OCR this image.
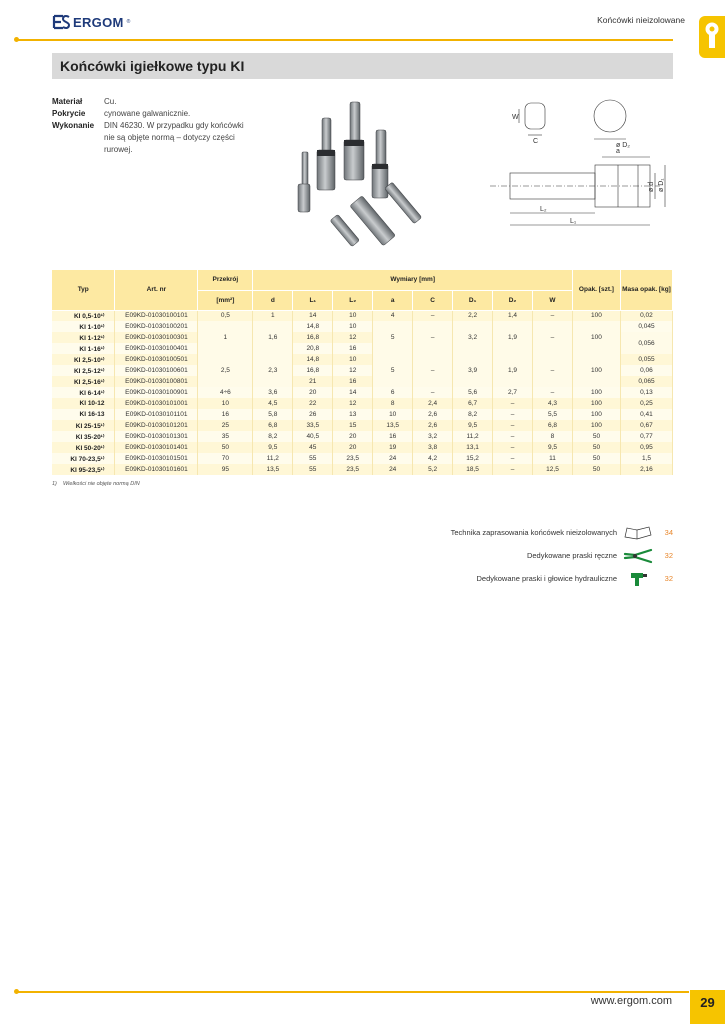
ERGOM ®	Końcówki nieizolowane
Końcówki igiełkowe typu KI
Materiał	Cu.
Pokrycie	cynowane galwanicznie.
Wykonanie	DIN 46230. W przypadku gdy końcówki nie są objęte normą – dotyczy części rurowej.
W
C
ø D₂
a
ø d ø D₁
L₂
L₁
Typ	Art. nr	Przekrój	Wymiary [mm]								Opak. [szt.]	Masa opak. [kg]
		[mm²]	d	L₁	L₂	a	C	D₁	D₂	W		
KI 0,5-10¹⁾	E09KD-01030100101	0,5	1	14	10	4	–	2,2	1,4	–	100	0,02
KI 1-10¹⁾	E09KD-01030100201	1	1,6	14,8	10	5	–	3,2	1,9	–	100	0,045
KI 1-12¹⁾	E09KD-01030100301			16,8	12							0,056
KI 1-16¹⁾	E09KD-01030100401			20,8	16							
KI 2,5-10¹⁾	E09KD-01030100501	2,5	2,3	14,8	10	5	–	3,9	1,9	–	100	0,055
KI 2,5-12¹⁾	E09KD-01030100601			16,8	12							0,06
KI 2,5-16¹⁾	E09KD-01030100801			21	16							0,065
KI 6-14¹⁾	E09KD-01030100901	4÷6	3,6	20	14	6	–	5,6	2,7	–	100	0,13
KI 10-12	E09KD-01030101001	10	4,5	22	12	8	2,4	6,7	–	4,3	100	0,25
KI 16-13	E09KD-01030101101	16	5,8	26	13	10	2,6	8,2	–	5,5	100	0,41
KI 25-15¹⁾	E09KD-01030101201	25	6,8	33,5	15	13,5	2,6	9,5	–	6,8	100	0,67
KI 35-20¹⁾	E09KD-01030101301	35	8,2	40,5	20	16	3,2	11,2	–	8	50	0,77
KI 50-20¹⁾	E09KD-01030101401	50	9,5	45	20	19	3,8	13,1	–	9,5	50	0,95
KI 70-23,5¹⁾	E09KD-01030101501	70	11,2	55	23,5	24	4,2	15,2	–	11	50	1,5
KI 95-23,5¹⁾	E09KD-01030101601	95	13,5	55	23,5	24	5,2	18,5	–	12,5	50	2,16
1) Wielkości nie objęte normą DIN
Technika zaprasowania końcówek nieizolowanych	34
Dedykowane praski ręczne	32
Dedykowane praski i głowice hydrauliczne	32
www.ergom.com	29
